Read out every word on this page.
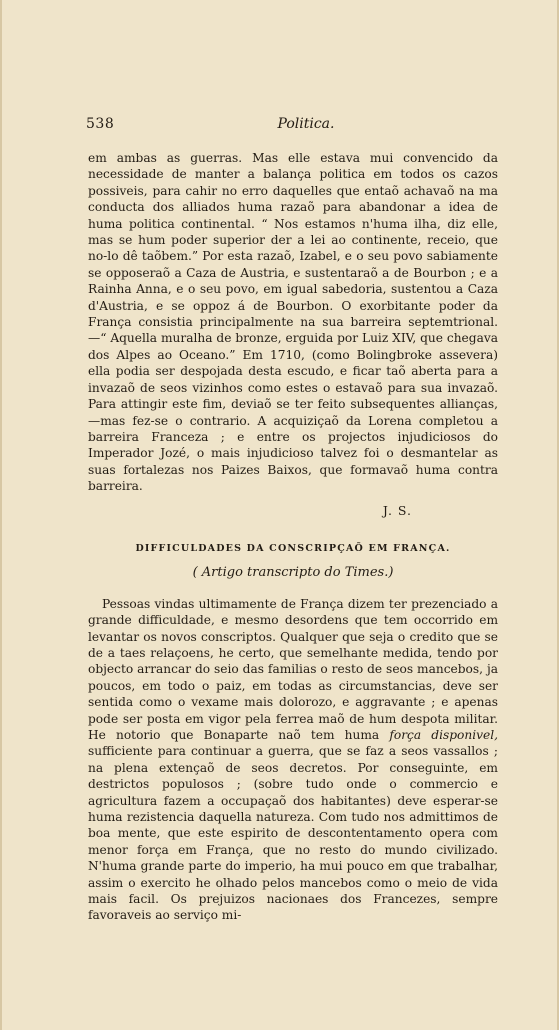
538	Politica.

em ambas as guerras. Mas elle estava mui convencido da necessidade de manter a balança politica em todos os cazos possiveis, para cahir no erro daquelles que entaõ achavaõ na ma conducta dos alliados huma razaõ para abandonar a idea de huma politica continental. “ Nos estamos n'huma ilha, diz elle, mas se hum poder superior der a lei ao continente, receio, que no-lo dê taõbem.” Por esta razaõ, Izabel, e o seu povo sabiamente se opposeraõ a Caza de Austria, e sustentaraõ a de Bourbon ; e a Rainha Anna, e o seu povo, em igual sabedoria, sustentou a Caza d'Austria, e se oppoz á de Bourbon. O exorbitante poder da França consistia principalmente na sua barreira septemtrional.—“ Aquella muralha de bronze, erguida por Luiz XIV, que chegava dos Alpes ao Oceano.” Em 1710, (como Bolingbroke assevera) ella podia ser despojada desta escudo, e ficar taõ aberta para a invazaõ de seos vizinhos como estes o estavaõ para sua invazaõ. Para attingir este fim, deviaõ se ter feito subsequentes allianças,—mas fez-se o contrario. A acquiziçaõ da Lorena completou a barreira Franceza ; e entre os projectos injudiciosos do Imperador Jozé, o mais injudicioso talvez foi o desmantelar as suas fortalezas nos Paizes Baixos, que formavaõ huma contra barreira.

J. S.
DIFFICULDADES DA CONSCRIPÇAÕ EM FRANÇA.
( Artigo transcripto do Times.)

Pessoas vindas ultimamente de França dizem ter prezenciado a grande difficuldade, e mesmo desordens que tem occorrido em levantar os novos conscriptos. Qualquer que seja o credito que se de a taes relaçoens, he certo, que semelhante medida, tendo por objecto arrancar do seio das familias o resto de seos mancebos, ja poucos, em todo o paiz, em todas as circumstancias, deve ser sentida como o vexame mais dolorozo, e aggravante ; e apenas pode ser posta em vigor pela ferrea maõ de hum despota militar. He notorio que Bonaparte naõ tem huma força disponivel, sufficiente para continuar a guerra, que se faz a seos vassallos ; na plena extençaõ de seos decretos. Por conseguinte, em destrictos populosos ; (sobre tudo onde o commercio e agricultura fazem a occupaçaõ dos habitantes) deve esperar-se huma rezistencia daquella natureza. Com tudo nos admittimos de boa mente, que este espirito de descontentamento opera com menor força em França, que no resto do mundo civilizado. N'huma grande parte do imperio, ha mui pouco em que trabalhar, assim o exercito he olhado pelos mancebos como o meio de vida mais facil. Os prejuizos nacionaes dos Francezes, sempre favoraveis ao serviço mi-
